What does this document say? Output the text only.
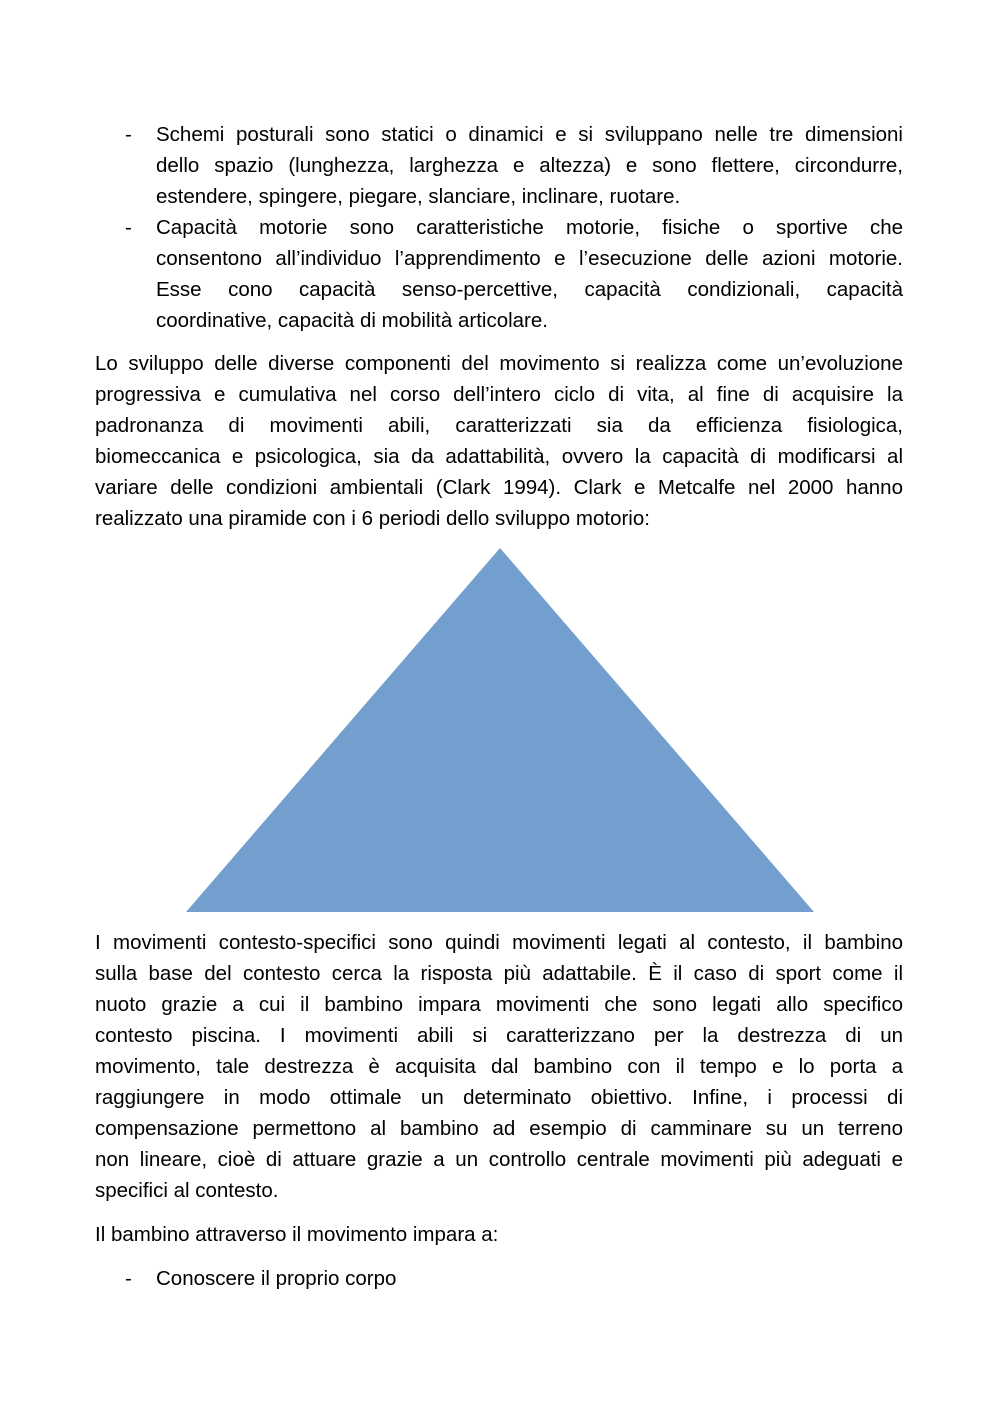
-	Schemi posturali sono statici o dinamici e si sviluppano nelle tre dimensioni
dello spazio (lunghezza, larghezza e altezza) e sono flettere, circondurre,
estendere, spingere, piegare, slanciare, inclinare, ruotare.
-	Capacità motorie sono caratteristiche motorie, fisiche o sportive che
consentono all’individuo l’apprendimento e l’esecuzione delle azioni motorie.
Esse cono capacità senso-percettive, capacità condizionali, capacità
coordinative, capacità di mobilità articolare.
Lo sviluppo delle diverse componenti del movimento si realizza come un’evoluzione
progressiva e cumulativa nel corso dell’intero ciclo di vita, al fine di acquisire la
padronanza di movimenti abili, caratterizzati sia da efficienza fisiologica,
biomeccanica e psicologica, sia da adattabilità, ovvero la capacità di modificarsi al
variare delle condizioni ambientali (Clark 1994). Clark e Metcalfe nel 2000 hanno
realizzato una piramide con i 6 periodi dello sviluppo motorio:
I movimenti contesto-specifici sono quindi movimenti legati al contesto, il bambino
sulla base del contesto cerca la risposta più adattabile. È il caso di sport come il
nuoto grazie a cui il bambino impara movimenti che sono legati allo specifico
contesto piscina. I movimenti abili si caratterizzano per la destrezza di un
movimento, tale destrezza è acquisita dal bambino con il tempo e lo porta a
raggiungere in modo ottimale un determinato obiettivo. Infine, i processi di
compensazione permettono al bambino ad esempio di camminare su un terreno
non lineare, cioè di attuare grazie a un controllo centrale movimenti più adeguati e
specifici al contesto.
Il bambino attraverso il movimento impara a:
-	Conoscere il proprio corpo
